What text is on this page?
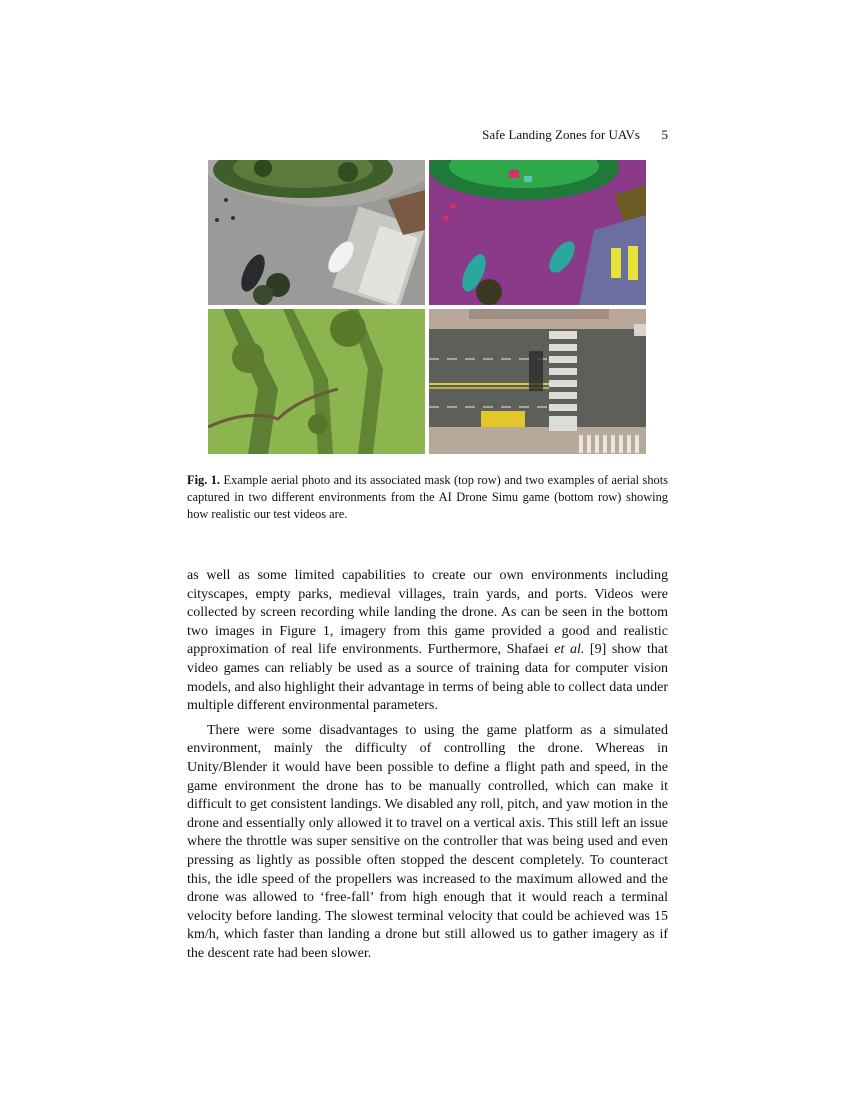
Safe Landing Zones for UAVs 5
Fig. 1. Example aerial photo and its associated mask (top row) and two examples of aerial shots captured in two different environments from the AI Drone Simu game (bottom row) showing how realistic our test videos are.

as well as some limited capabilities to create our own environments including cityscapes, empty parks, medieval villages, train yards, and ports. Videos were collected by screen recording while landing the drone. As can be seen in the bottom two images in Figure 1, imagery from this game provided a good and realistic approximation of real life environments. Furthermore, Shafaei et al. [9] show that video games can reliably be used as a source of training data for computer vision models, and also highlight their advantage in terms of being able to collect data under multiple different environmental parameters.

There were some disadvantages to using the game platform as a simulated environment, mainly the difficulty of controlling the drone. Whereas in Unity/Blender it would have been possible to define a flight path and speed, in the game environment the drone has to be manually controlled, which can make it difficult to get consistent landings. We disabled any roll, pitch, and yaw motion in the drone and essentially only allowed it to travel on a vertical axis. This still left an issue where the throttle was super sensitive on the controller that was being used and even pressing as lightly as possible often stopped the descent completely. To counteract this, the idle speed of the propellers was increased to the maximum allowed and the drone was allowed to ‘free-fall’ from high enough that it would reach a terminal velocity before landing. The slowest terminal velocity that could be achieved was 15 km/h, which faster than landing a drone but still allowed us to gather imagery as if the descent rate had been slower.
